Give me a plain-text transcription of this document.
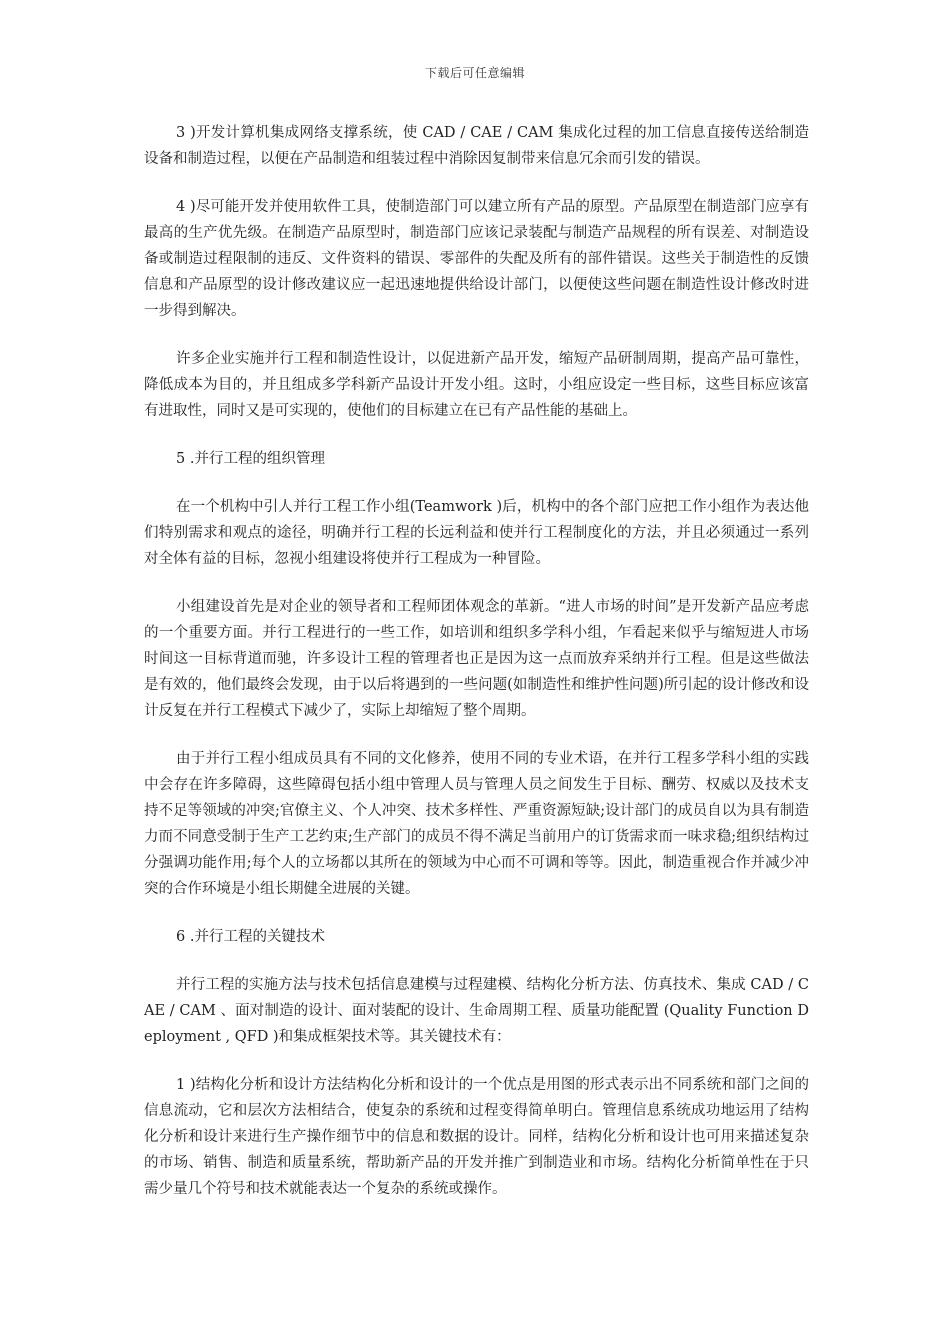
下载后可任意编辑

3 )开发计算机集成网络支撑系统，使 CAD / CAE / CAM 集成化过程的加工信息直接传送给制造设备和制造过程，以便在产品制造和组装过程中消除因复制带来信息冗余而引发的错误。

4 )尽可能开发并使用软件工具，使制造部门可以建立所有产品的原型。产品原型在制造部门应享有最高的生产优先级。在制造产品原型时，制造部门应该记录装配与制造产品规程的所有误差、对制造设备或制造过程限制的违反、文件资料的错误、零部件的失配及所有的部件错误。这些关于制造性的反馈信息和产品原型的设计修改建议应一起迅速地提供给设计部门，以便使这些问题在制造性设计修改时进一步得到解决。

许多企业实施并行工程和制造性设计，以促进新产品开发，缩短产品研制周期，提高产品可靠性，降低成本为目的，并且组成多学科新产品设计开发小组。这时，小组应设定一些目标，这些目标应该富有进取性，同时又是可实现的，使他们的目标建立在已有产品性能的基础上。

5 .并行工程的组织管理

在一个机构中引人并行工程工作小组(Teamwork )后，机构中的各个部门应把工作小组作为表达他们特别需求和观点的途径，明确并行工程的长远利益和使并行工程制度化的方法，并且必须通过一系列对全体有益的目标，忽视小组建设将使并行工程成为一种冒险。

小组建设首先是对企业的领导者和工程师团体观念的革新。“进人市场的时间”是开发新产品应考虑的一个重要方面。并行工程进行的一些工作，如培训和组织多学科小组，乍看起来似乎与缩短进人市场时间这一目标背道而驰，许多设计工程的管理者也正是因为这一点而放弃采纳并行工程。但是这些做法是有效的，他们最终会发现，由于以后将遇到的一些问题(如制造性和维护性问题)所引起的设计修改和设计反复在并行工程模式下减少了，实际上却缩短了整个周期。

由于并行工程小组成员具有不同的文化修养，使用不同的专业术语，在并行工程多学科小组的实践中会存在许多障碍，这些障碍包括小组中管理人员与管理人员之间发生于目标、酬劳、权威以及技术支持不足等领域的冲突;官僚主义、个人冲突、技术多样性、严重资源短缺;设计部门的成员自以为具有制造力而不同意受制于生产工艺约束;生产部门的成员不得不满足当前用户的订货需求而一味求稳;组织结构过分强调功能作用;每个人的立场都以其所在的领域为中心而不可调和等等。因此，制造重视合作并减少冲突的合作环境是小组长期健全进展的关键。

6 .并行工程的关键技术

并行工程的实施方法与技术包括信息建模与过程建模、结构化分析方法、仿真技术、集成 CAD / CAE / CAM 、面对制造的设计、面对装配的设计、生命周期工程、质量功能配置 (Quality Function Deployment , QFD )和集成框架技术等。其关键技术有：

1 )结构化分析和设计方法结构化分析和设计的一个优点是用图的形式表示出不同系统和部门之间的信息流动，它和层次方法相结合，使复杂的系统和过程变得简单明白。管理信息系统成功地运用了结构化分析和设计来进行生产操作细节中的信息和数据的设计。同样，结构化分析和设计也可用来描述复杂的市场、销售、制造和质量系统，帮助新产品的开发并推广到制造业和市场。结构化分析简单性在于只需少量几个符号和技术就能表达一个复杂的系统或操作。
